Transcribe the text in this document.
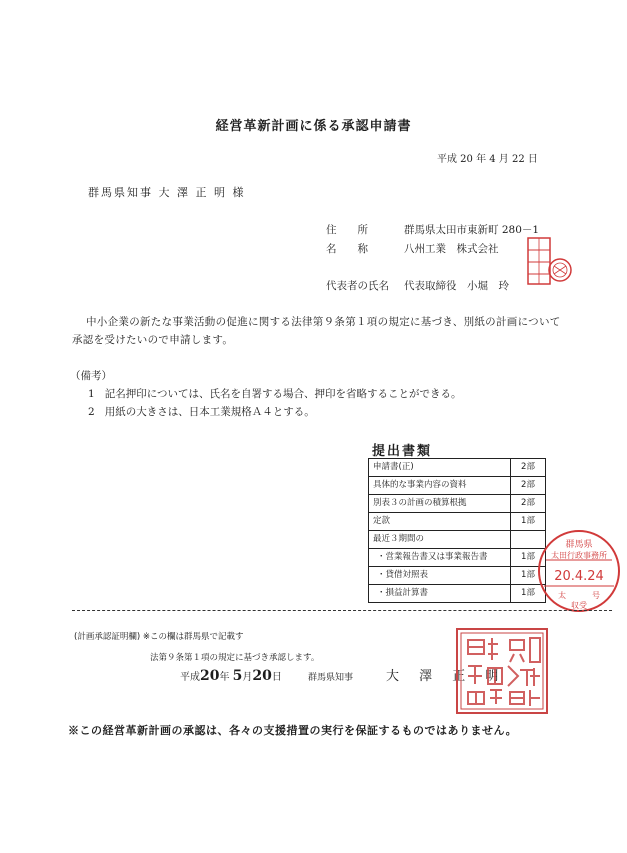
経営革新計画に係る承認申請書
平成 20 年 4 月 22 日
群馬県知事 大 澤 正 明 様
住　　所	群馬県太田市東新町 280－1
名　　称	八州工業　株式会社
代表者の氏名 代表取締役　小堀　玲
中小企業の新たな事業活動の促進に関する法律第９条第１項の規定に基づき、別紙の計画について
承認を受けたいので申請します。
（備考）
1 記名押印については、氏名を自署する場合、押印を省略することができる。
2 用紙の大きさは、日本工業規格Ａ４とする。
提出書類
申請書(正)	2部
具体的な事業内容の資料	2部
別表３の計画の積算根拠	2部
定款	1部
最近３期間の	
・営業報告書又は事業報告書	1部
・貸借対照表	1部
・損益計算書	1部
群馬県
太田行政事務所
20.4.24
太	号
収受
(計画承認証明欄) ※この欄は群馬県で記載す
法第９条第１項の規定に基づき承認します。
平成20年 5月20日	群馬県知事	大 澤 正 明
※この経営革新計画の承認は、各々の支援措置の実行を保証するものではありません。
